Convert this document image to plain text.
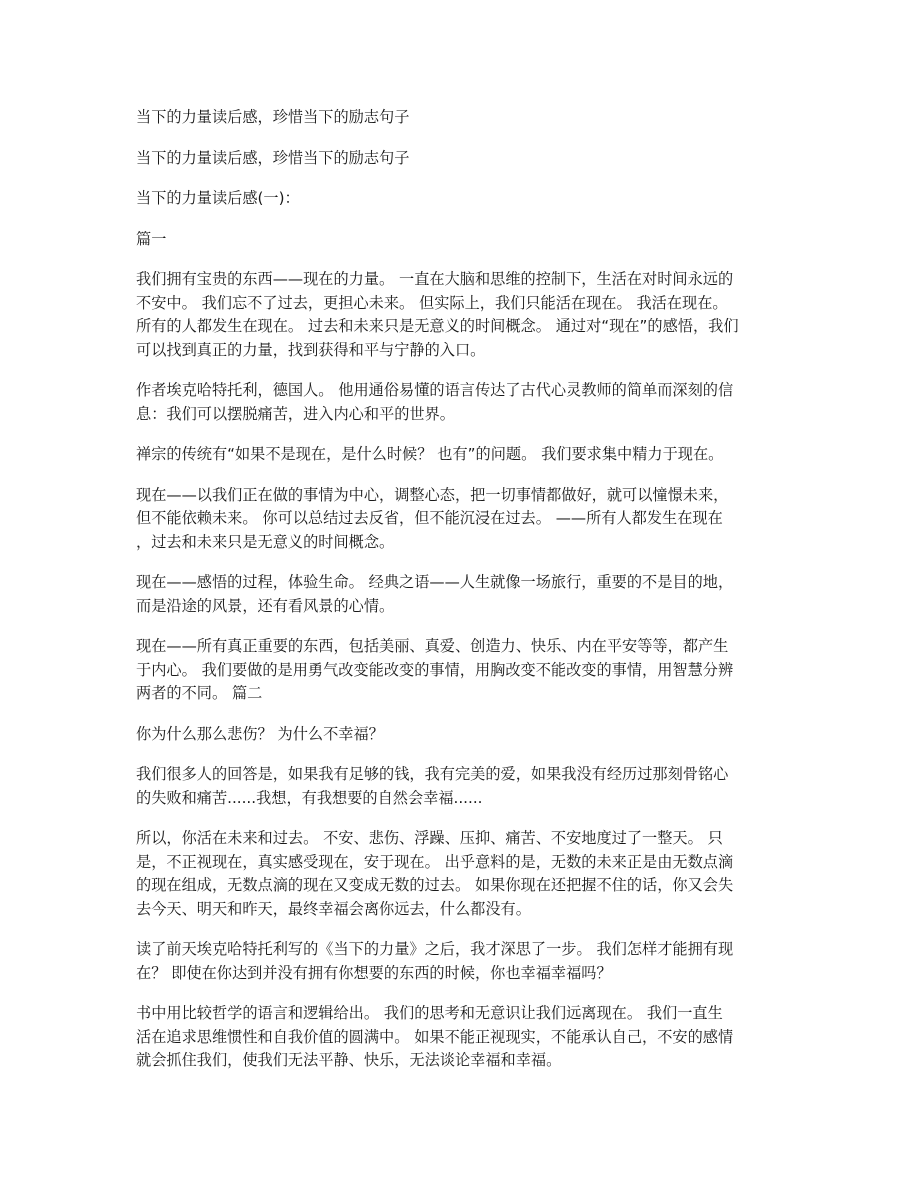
当下的力量读后感，珍惜当下的励志句子

当下的力量读后感，珍惜当下的励志句子

当下的力量读后感(一)：

篇一

我们拥有宝贵的东西——现在的力量。 一直在大脑和思维的控制下，生活在对时间永远的

不安中。 我们忘不了过去，更担心未来。 但实际上，我们只能活在现在。 我活在现在。

所有的人都发生在现在。 过去和未来只是无意义的时间概念。 通过对“现在”的感悟，我们

可以找到真正的力量，找到获得和平与宁静的入口。

作者埃克哈特托利，德国人。 他用通俗易懂的语言传达了古代心灵教师的简单而深刻的信

息：我们可以摆脱痛苦，进入内心和平的世界。

禅宗的传统有“如果不是现在，是什么时候？ 也有”的问题。 我们要求集中精力于现在。

现在——以我们正在做的事情为中心，调整心态，把一切事情都做好，就可以憧憬未来，

但不能依赖未来。 你可以总结过去反省，但不能沉浸在过去。 ——所有人都发生在现在

，过去和未来只是无意义的时间概念。

现在——感悟的过程，体验生命。 经典之语——人生就像一场旅行，重要的不是目的地，

而是沿途的风景，还有看风景的心情。

现在——所有真正重要的东西，包括美丽、真爱、创造力、快乐、内在平安等等，都产生

于内心。 我们要做的是用勇气改变能改变的事情，用胸改变不能改变的事情，用智慧分辨

两者的不同。 篇二

你为什么那么悲伤？ 为什么不幸福？

我们很多人的回答是，如果我有足够的钱，我有完美的爱，如果我没有经历过那刻骨铭心

的失败和痛苦......我想，有我想要的自然会幸福......

所以，你活在未来和过去。 不安、悲伤、浮躁、压抑、痛苦、不安地度过了一整天。 只

是，不正视现在，真实感受现在，安于现在。 出乎意料的是，无数的未来正是由无数点滴

的现在组成，无数点滴的现在又变成无数的过去。 如果你现在还把握不住的话，你又会失

去今天、明天和昨天，最终幸福会离你远去，什么都没有。

读了前天埃克哈特托利写的《当下的力量》之后，我才深思了一步。 我们怎样才能拥有现

在？ 即使在你达到并没有拥有你想要的东西的时候，你也幸福幸福吗？

书中用比较哲学的语言和逻辑给出。 我们的思考和无意识让我们远离现在。 我们一直生

活在追求思维惯性和自我价值的圆满中。 如果不能正视现实，不能承认自己，不安的感情

就会抓住我们，使我们无法平静、快乐，无法谈论幸福和幸福。
